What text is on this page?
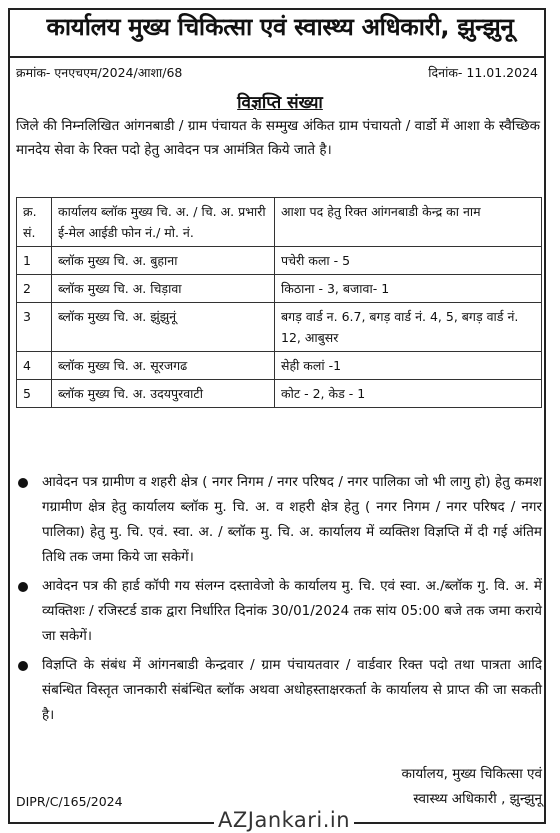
कार्यालय मुख्य चिकित्सा एवं स्वास्थ्य अधिकारी, झुन्झुनू
क्रमांक- एनएचएम/2024/आशा/68	दिनांक- 11.01.2024
विज्ञप्ति संख्या
जिले की निम्नलिखित आंगनबाडी / ग्राम पंचायत के सम्मुख अंकित ग्राम पंचायतो / वार्डो में आशा के स्वैच्छिक मानदेय सेवा के रिक्त पदो हेतु आवेदन पत्र आमंत्रित किये जाते है।
क्र. सं.	कार्यालय ब्लॉक मुख्य चि. अ. / चि. अ. प्रभारी ई-मेल आईडी फोन नं./ मो. नं.	आशा पद हेतु रिक्त आंगनबाडी केन्द्र का नाम
1	ब्लॉक मुख्य चि. अ. बुहाना	पचेरी कला - 5
2	ब्लॉक मुख्य चि. अ. चिड़ावा	किठाना - 3, बजावा- 1
3	ब्लॉक मुख्य चि. अ. झुंझुनूं	बगड़ वार्ड न. 6.7, बगड़ वार्ड नं. 4, 5, बगड़ वार्ड नं. 12, आबुसर
4	ब्लॉक मुख्य चि. अ. सूरजगढ	सेही कलां -1
5	ब्लॉक मुख्य चि. अ. उदयपुरवाटी	कोट - 2, केड - 1
आवेदन पत्र ग्रामीण व शहरी क्षेत्र ( नगर निगम / नगर परिषद / नगर पालिका जो भी लागु हो) हेतु कमश गग्रामीण क्षेत्र हेतु कार्यालय ब्लॉक मु. चि. अ. व शहरी क्षेत्र हेतु ( नगर निगम / नगर परिषद / नगर पालिका) हेतु मु. चि. एवं. स्वा. अ. / ब्लॉक मु. चि. अ. कार्यालय में व्यक्तिश विज्ञप्ति में दी गई अंतिम तिथि तक जमा किये जा सकेगें।
आवेदन पत्र की हार्ड कॉपी गय संलग्न दस्तावेजो के कार्यालय मु. चि. एवं स्वा. अ./ब्लॉक गु. वि. अ. में व्यक्तिशः / रजिस्टर्ड डाक द्वारा निर्धारित दिनांक 30/01/2024 तक सांय 05:00 बजे तक जमा कराये जा सकेगें।
विज्ञप्ति के संबंध में आंगनबाडी केन्द्रवार / ग्राम पंचायतवार / वार्डवार रिक्त पदो तथा पात्रता आदि संबन्धित विस्तृत जानकारी संबंन्धित ब्लॉक अथवा अधोहस्ताक्षरकर्ता के कार्यालय से प्राप्त की जा सकती है।
कार्यालय, मुख्य चिकित्सा एवं
स्वास्थ्य अधिकारी , झुन्झुनू
DIPR/C/165/2024
AZJankari.in
